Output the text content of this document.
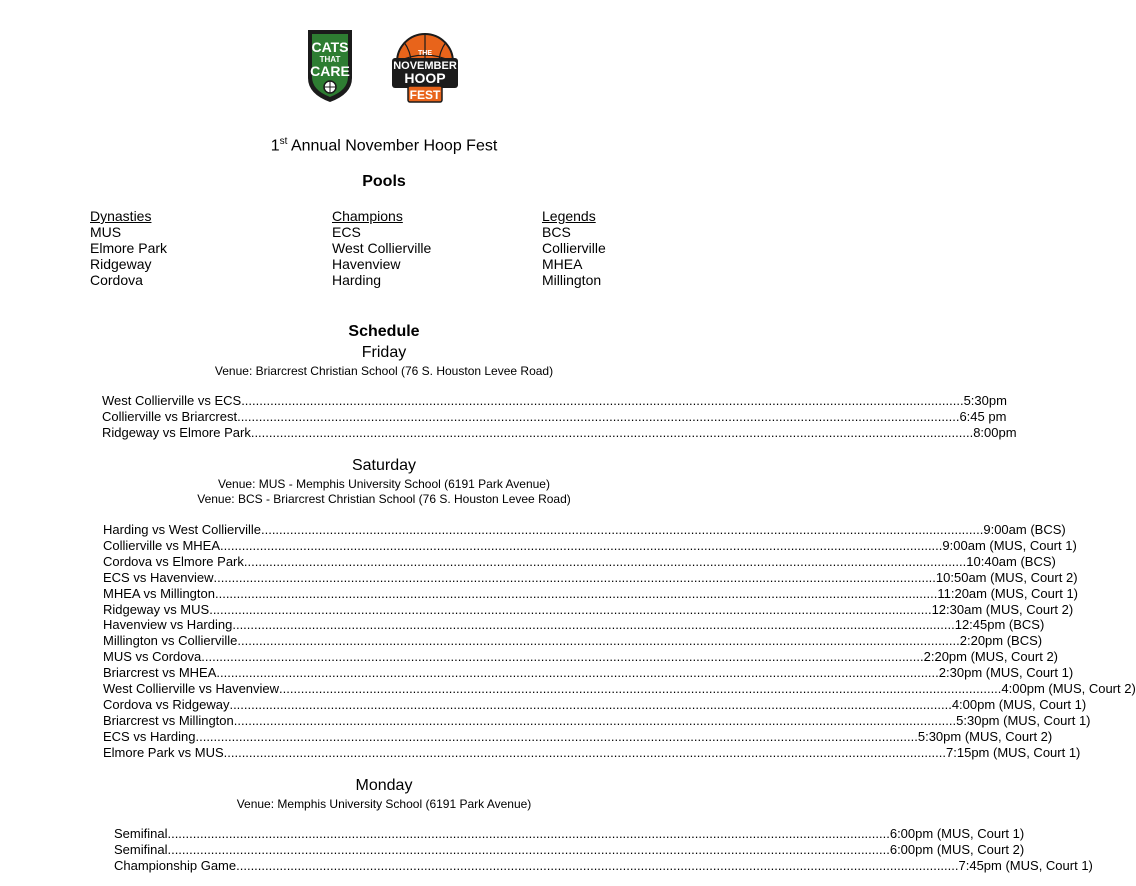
CATS
THAT
CARE
THE
NOVEMBER
HOOP
FEST
1st Annual November Hoop Fest
Pools
Dynasties
MUS
Elmore Park
Ridgeway
Cordova
Champions
ECS
West Collierville
Havenview
Harding
Legends
BCS
Collierville
MHEA
Millington
Schedule
Friday
Venue: Briarcrest Christian School (76 S. Houston Levee Road)
West Collierville vs ECS ........................................................................................................................................................................................................ 5:30pm
Collierville vs Briarcrest ........................................................................................................................................................................................................ 6:45 pm
Ridgeway vs Elmore Park ........................................................................................................................................................................................................ 8:00pm
Saturday
Venue: MUS - Memphis University School (6191 Park Avenue)
Venue: BCS - Briarcrest Christian School (76 S. Houston Levee Road)
Harding vs West Collierville ........................................................................................................................................................................................................ 9:00am (BCS)
Collierville vs MHEA ........................................................................................................................................................................................................ 9:00am (MUS, Court 1)
Cordova vs Elmore Park ........................................................................................................................................................................................................ 10:40am (BCS)
ECS vs Havenview ........................................................................................................................................................................................................ 10:50am (MUS, Court 2)
MHEA vs Millington ........................................................................................................................................................................................................ 11:20am (MUS, Court 1)
Ridgeway vs MUS ........................................................................................................................................................................................................ 12:30am (MUS, Court 2)
Havenview vs Harding ........................................................................................................................................................................................................ 12:45pm (BCS)
Millington vs Collierville ........................................................................................................................................................................................................ 2:20pm (BCS)
MUS vs Cordova ........................................................................................................................................................................................................ 2:20pm (MUS, Court 2)
Briarcrest vs MHEA ........................................................................................................................................................................................................ 2:30pm (MUS, Court 1)
West Collierville vs Havenview ........................................................................................................................................................................................................ 4:00pm (MUS, Court 2)
Cordova vs Ridgeway ........................................................................................................................................................................................................ 4:00pm (MUS, Court 1)
Briarcrest vs Millington ........................................................................................................................................................................................................ 5:30pm (MUS, Court 1)
ECS vs Harding ........................................................................................................................................................................................................ 5:30pm (MUS, Court 2)
Elmore Park vs MUS ........................................................................................................................................................................................................ 7:15pm (MUS, Court 1)
Monday
Venue: Memphis University School (6191 Park Avenue)
Semifinal ........................................................................................................................................................................................................ 6:00pm (MUS, Court 1)
Semifinal ........................................................................................................................................................................................................ 6:00pm (MUS, Court 2)
Championship Game ........................................................................................................................................................................................................ 7:45pm (MUS, Court 1)
